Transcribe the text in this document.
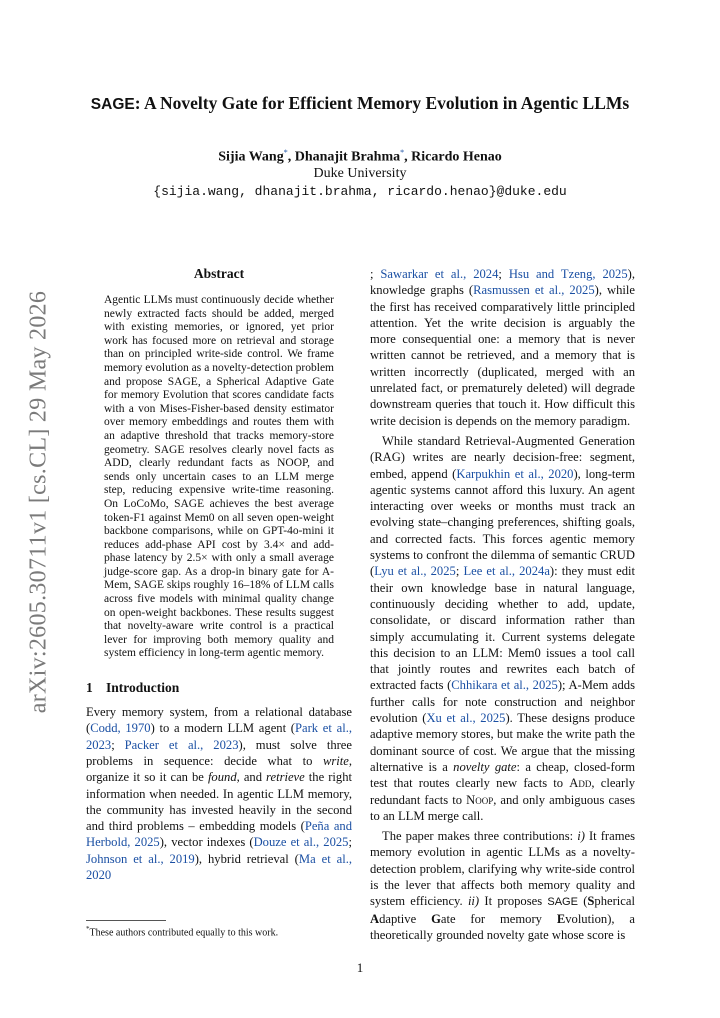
arXiv:2605.30711v1 [cs.CL] 29 May 2026
SAGE: A Novelty Gate for Efficient Memory Evolution in Agentic LLMs
Sijia Wang*, Dhanajit Brahma*, Ricardo Henao
Duke University
{sijia.wang, dhanajit.brahma, ricardo.henao}@duke.edu
Abstract

Agentic LLMs must continuously decide whether newly extracted facts should be added, merged with existing memories, or ignored, yet prior work has focused more on retrieval and storage than on principled write-side control. We frame memory evolution as a novelty-detection problem and propose SAGE, a Spherical Adaptive Gate for memory Evolution that scores candidate facts with a von Mises-Fisher-based density estimator over memory embeddings and routes them with an adaptive threshold that tracks memory-store geometry. SAGE resolves clearly novel facts as ADD, clearly redundant facts as NOOP, and sends only uncertain cases to an LLM merge step, reducing expensive write-time reasoning. On LoCoMo, SAGE achieves the best average token-F1 against Mem0 on all seven open-weight backbone comparisons, while on GPT-4o-mini it reduces add-phase API cost by 3.4× and add-phase latency by 2.5× with only a small average judge-score gap. As a drop-in binary gate for A-Mem, SAGE skips roughly 16–18% of LLM calls across five models with minimal quality change on open-weight backbones. These results suggest that novelty-aware write control is a practical lever for improving both memory quality and system efficiency in long-term agentic memory.

1 Introduction

Every memory system, from a relational database (Codd, 1970) to a modern LLM agent (Park et al., 2023; Packer et al., 2023), must solve three problems in sequence: decide what to write, organize it so it can be found, and retrieve the right information when needed. In agentic LLM memory, the community has invested heavily in the second and third problems – embedding models (Peña and Herbold, 2025), vector indexes (Douze et al., 2025; Johnson et al., 2019), hybrid retrieval (Ma et al., 2020

; Sawarkar et al., 2024; Hsu and Tzeng, 2025), knowledge graphs (Rasmussen et al., 2025), while the first has received comparatively little principled attention. Yet the write decision is arguably the more consequential one: a memory that is never written cannot be retrieved, and a memory that is written incorrectly (duplicated, merged with an unrelated fact, or prematurely deleted) will degrade downstream queries that touch it. How difficult this write decision is depends on the memory paradigm.

While standard Retrieval-Augmented Generation (RAG) writes are nearly decision-free: segment, embed, append (Karpukhin et al., 2020), long-term agentic systems cannot afford this luxury. An agent interacting over weeks or months must track an evolving state–changing preferences, shifting goals, and corrected facts. This forces agentic memory systems to confront the dilemma of semantic CRUD (Lyu et al., 2025; Lee et al., 2024a): they must edit their own knowledge base in natural language, continuously deciding whether to add, update, consolidate, or discard information rather than simply accumulating it. Current systems delegate this decision to an LLM: Mem0 issues a tool call that jointly routes and rewrites each batch of extracted facts (Chhikara et al., 2025); A-Mem adds further calls for note construction and neighbor evolution (Xu et al., 2025). These designs produce adaptive memory stores, but make the write path the dominant source of cost. We argue that the missing alternative is a novelty gate: a cheap, closed-form test that routes clearly new facts to Add, clearly redundant facts to Noop, and only ambiguous cases to an LLM merge call.

The paper makes three contributions: i) It frames memory evolution in agentic LLMs as a novelty-detection problem, clarifying why write-side control is the lever that affects both memory quality and system efficiency. ii) It proposes SAGE (Spherical Adaptive Gate for memory Evolution), a theoretically grounded novelty gate whose score is

*These authors contributed equally to this work.
1
